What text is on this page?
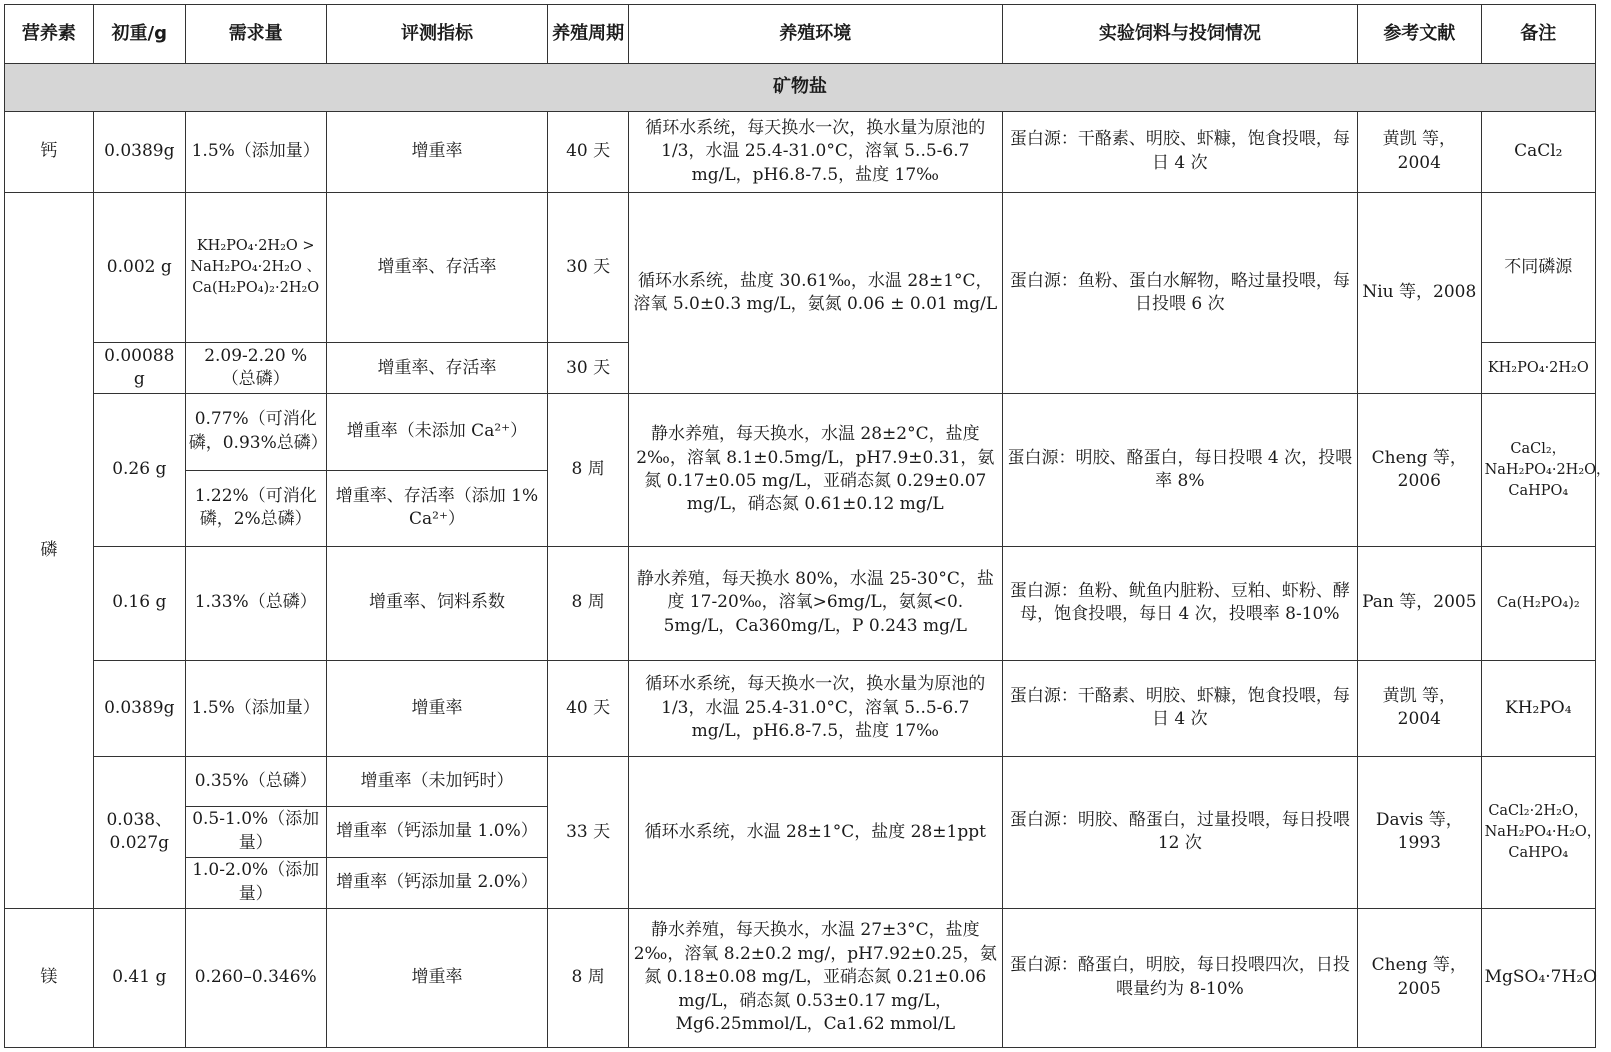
营养素	初重/g	需求量	评测指标	养殖周期	养殖环境	实验饲料与投饲情况	参考文献	备注
矿物盐								
钙	0.0389g	1.5%（添加量）	增重率	40 天	循环水系统，每天换水一次，换水量为原池的 1/3，水温 25.4-31.0°C，溶氧 5..5-6.7 mg/L，pH6.8-7.5，盐度 17‰	蛋白源：干酪素、明胶、虾糠，饱食投喂，每日 4 次	黄凯 等，2004	CaCl₂
磷	0.002 g	KH₂PO₄·2H₂O > NaH₂PO₄·2H₂O 、 Ca(H₂PO₄)₂·2H₂O	增重率、存活率	30 天	循环水系统，盐度 30.61‰，水温 28±1°C，溶氧 5.0±0.3 mg/L，氨氮 0.06 ± 0.01 mg/L	蛋白源：鱼粉、蛋白水解物，略过量投喂，每日投喂 6 次	Niu 等，2008	不同磷源
	0.00088 g	2.09-2.20 %（总磷）	增重率、存活率	30 天				KH₂PO₄·2H₂O
	0.26 g	0.77%（可消化磷，0.93%总磷）	增重率（未添加 Ca²⁺）	8 周	静水养殖，每天换水，水温 28±2°C，盐度 2‰，溶氧 8.1±0.5mg/L，pH7.9±0.31，氨氮 0.17±0.05 mg/L，亚硝态氮 0.29±0.07 mg/L，硝态氮 0.61±0.12 mg/L	蛋白源：明胶、酪蛋白，每日投喂 4 次，投喂率 8%	Cheng 等，2006	CaCl₂，NaH₂PO₄·2H₂O，CaHPO₄
		1.22%（可消化磷，2%总磷）	增重率、存活率（添加 1% Ca²⁺）					
	0.16 g	1.33%（总磷）	增重率、饲料系数	8 周	静水养殖，每天换水 80%，水温 25-30°C，盐度 17-20‰，溶氧>6mg/L，氨氮<0. 5mg/L，Ca360mg/L，P 0.243 mg/L	蛋白源：鱼粉、鱿鱼内脏粉、豆粕、虾粉、酵母，饱食投喂，每日 4 次，投喂率 8-10%	Pan 等，2005	Ca(H₂PO₄)₂
	0.0389g	1.5%（添加量）	增重率	40 天	循环水系统，每天换水一次，换水量为原池的 1/3，水温 25.4-31.0°C，溶氧 5..5-6.7 mg/L，pH6.8-7.5，盐度 17‰	蛋白源：干酪素、明胶、虾糠，饱食投喂，每日 4 次	黄凯 等，2004	KH₂PO₄
	0.038、0.027g	0.35%（总磷）	增重率（未加钙时）	33 天	循环水系统，水温 28±1°C，盐度 28±1ppt	蛋白源：明胶、酪蛋白，过量投喂，每日投喂 12 次	Davis 等，1993	CaCl₂·2H₂O，NaH₂PO₄·H₂O，CaHPO₄
		0.5-1.0%（添加量）	增重率（钙添加量 1.0%）					
		1.0-2.0%（添加量）	增重率（钙添加量 2.0%）					
镁	0.41 g	0.260–0.346%	增重率	8 周	静水养殖，每天换水，水温 27±3°C，盐度 2‰，溶氧 8.2±0.2 mg/，pH7.92±0.25，氨氮 0.18±0.08 mg/L，亚硝态氮 0.21±0.06 mg/L，硝态氮 0.53±0.17 mg/L，Mg6.25mmol/L，Ca1.62 mmol/L	蛋白源：酪蛋白，明胶，每日投喂四次，日投喂量约为 8-10%	Cheng 等，2005	MgSO₄·7H₂O
